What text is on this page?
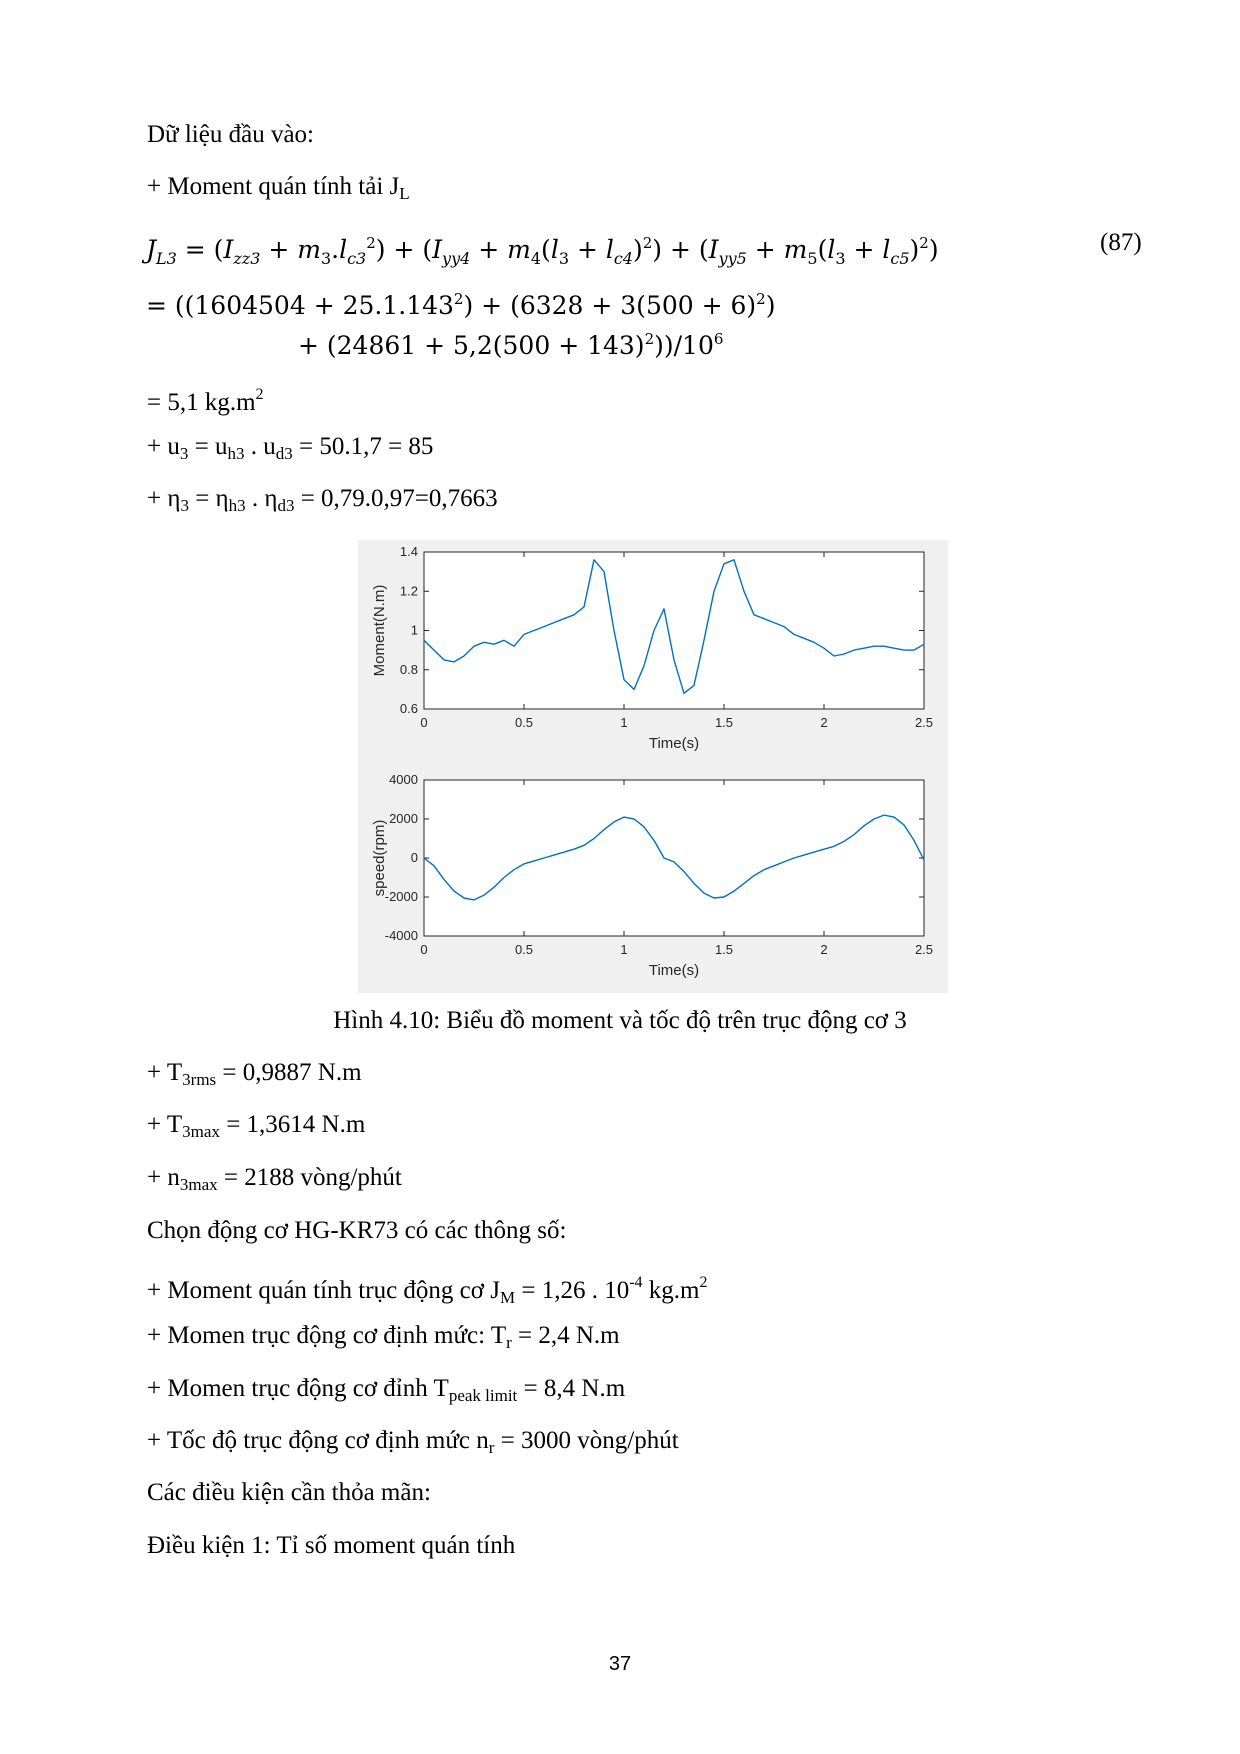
Dữ liệu đầu vào:
+ Moment quán tính tải $J_L$
$J_{L3} = (I_{zz3} + m_3.l_{c3}^2) + (I_{yy4} + m_4(l_3 + l_{c4})^2) + (I_{yy5} + m_5(l_3 + l_{c5})^2)$	(87)
= ($(1604504 + 25.1.143^2) + (6328 + 3(500 + 6)^2)$
+ $(24861 + 5,2(500 + 143)^2))/10^6$
= 5,1 $kg.m^2$
+ $u_3 = u_{h3}$ . $u_{d3} = 50.1,7 = 85$
+ $\eta_3 = \eta_{h3}$ . $\eta_{d3} = 0,79.0,97=0,7663$
0	0.5	1	1.5	2	2.5
0.6
0.8
1
1.2
1.4
Time(s)
Moment(N.m)
0	0.5	1	1.5	2	2.5
-4000
-2000
0
2000
4000
Time(s)
speed(rpm)
Hình 4.10: Biểu đồ moment và tốc độ trên trục động cơ 3
+ $T_{3rms} = 0,9887$ N.m
+ $T_{3max} = 1,3614$ N.m
+ $n_{3max} = 2188$ vòng/phút
Chọn động cơ HG-KR73 có các thông số:
+ Moment quán tính trục động cơ $J_M = 1,26$ . $10^{-4}$ $kg.m^2$
+ Momen trục động cơ định mức: $T_r = 2,4$ N.m
+ Momen trục động cơ đỉnh $T_{peak limit} = 8,4$ N.m
+ Tốc độ trục động cơ định mức $n_r = 3000$ vòng/phút
Các điều kiện cần thỏa mãn:
Điều kiện 1: Tỉ số moment quán tính
37
